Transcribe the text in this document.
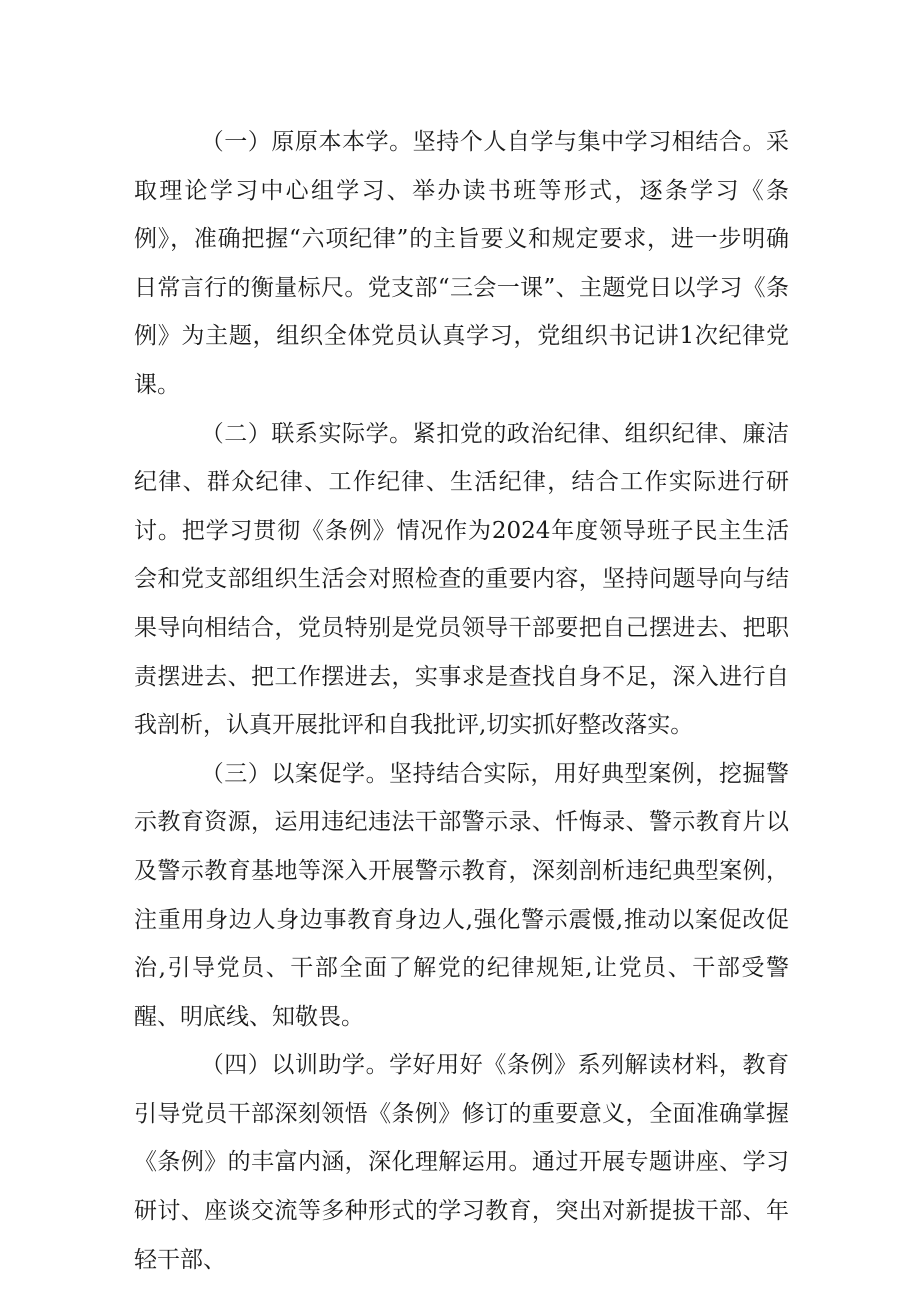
（一）原原本本学。坚持个人自学与集中学习相结合。采取理论学习中心组学习、举办读书班等形式，逐条学习《条例》，准确把握“六项纪律”的主旨要义和规定要求，进一步明确日常言行的衡量标尺。党支部“三会一课”、主题党日以学习《条例》为主题，组织全体党员认真学习，党组织书记讲1次纪律党课。

（二）联系实际学。紧扣党的政治纪律、组织纪律、廉洁纪律、群众纪律、工作纪律、生活纪律，结合工作实际进行研讨。把学习贯彻《条例》情况作为2024年度领导班子民主生活会和党支部组织生活会对照检查的重要内容，坚持问题导向与结果导向相结合，党员特别是党员领导干部要把自己摆进去、把职责摆进去、把工作摆进去，实事求是查找自身不足，深入进行自我剖析，认真开展批评和自我批评,切实抓好整改落实。

（三）以案促学。坚持结合实际，用好典型案例，挖掘警示教育资源，运用违纪违法干部警示录、忏悔录、警示教育片以及警示教育基地等深入开展警示教育，深刻剖析违纪典型案例，注重用身边人身边事教育身边人,强化警示震慑,推动以案促改促治,引导党员、干部全面了解党的纪律规矩,让党员、干部受警醒、明底线、知敬畏。

（四）以训助学。学好用好《条例》系列解读材料，教育引导党员干部深刻领悟《条例》修订的重要意义，全面准确掌握《条例》的丰富内涵，深化理解运用。通过开展专题讲座、学习研讨、座谈交流等多种形式的学习教育，突出对新提拔干部、年轻干部、
